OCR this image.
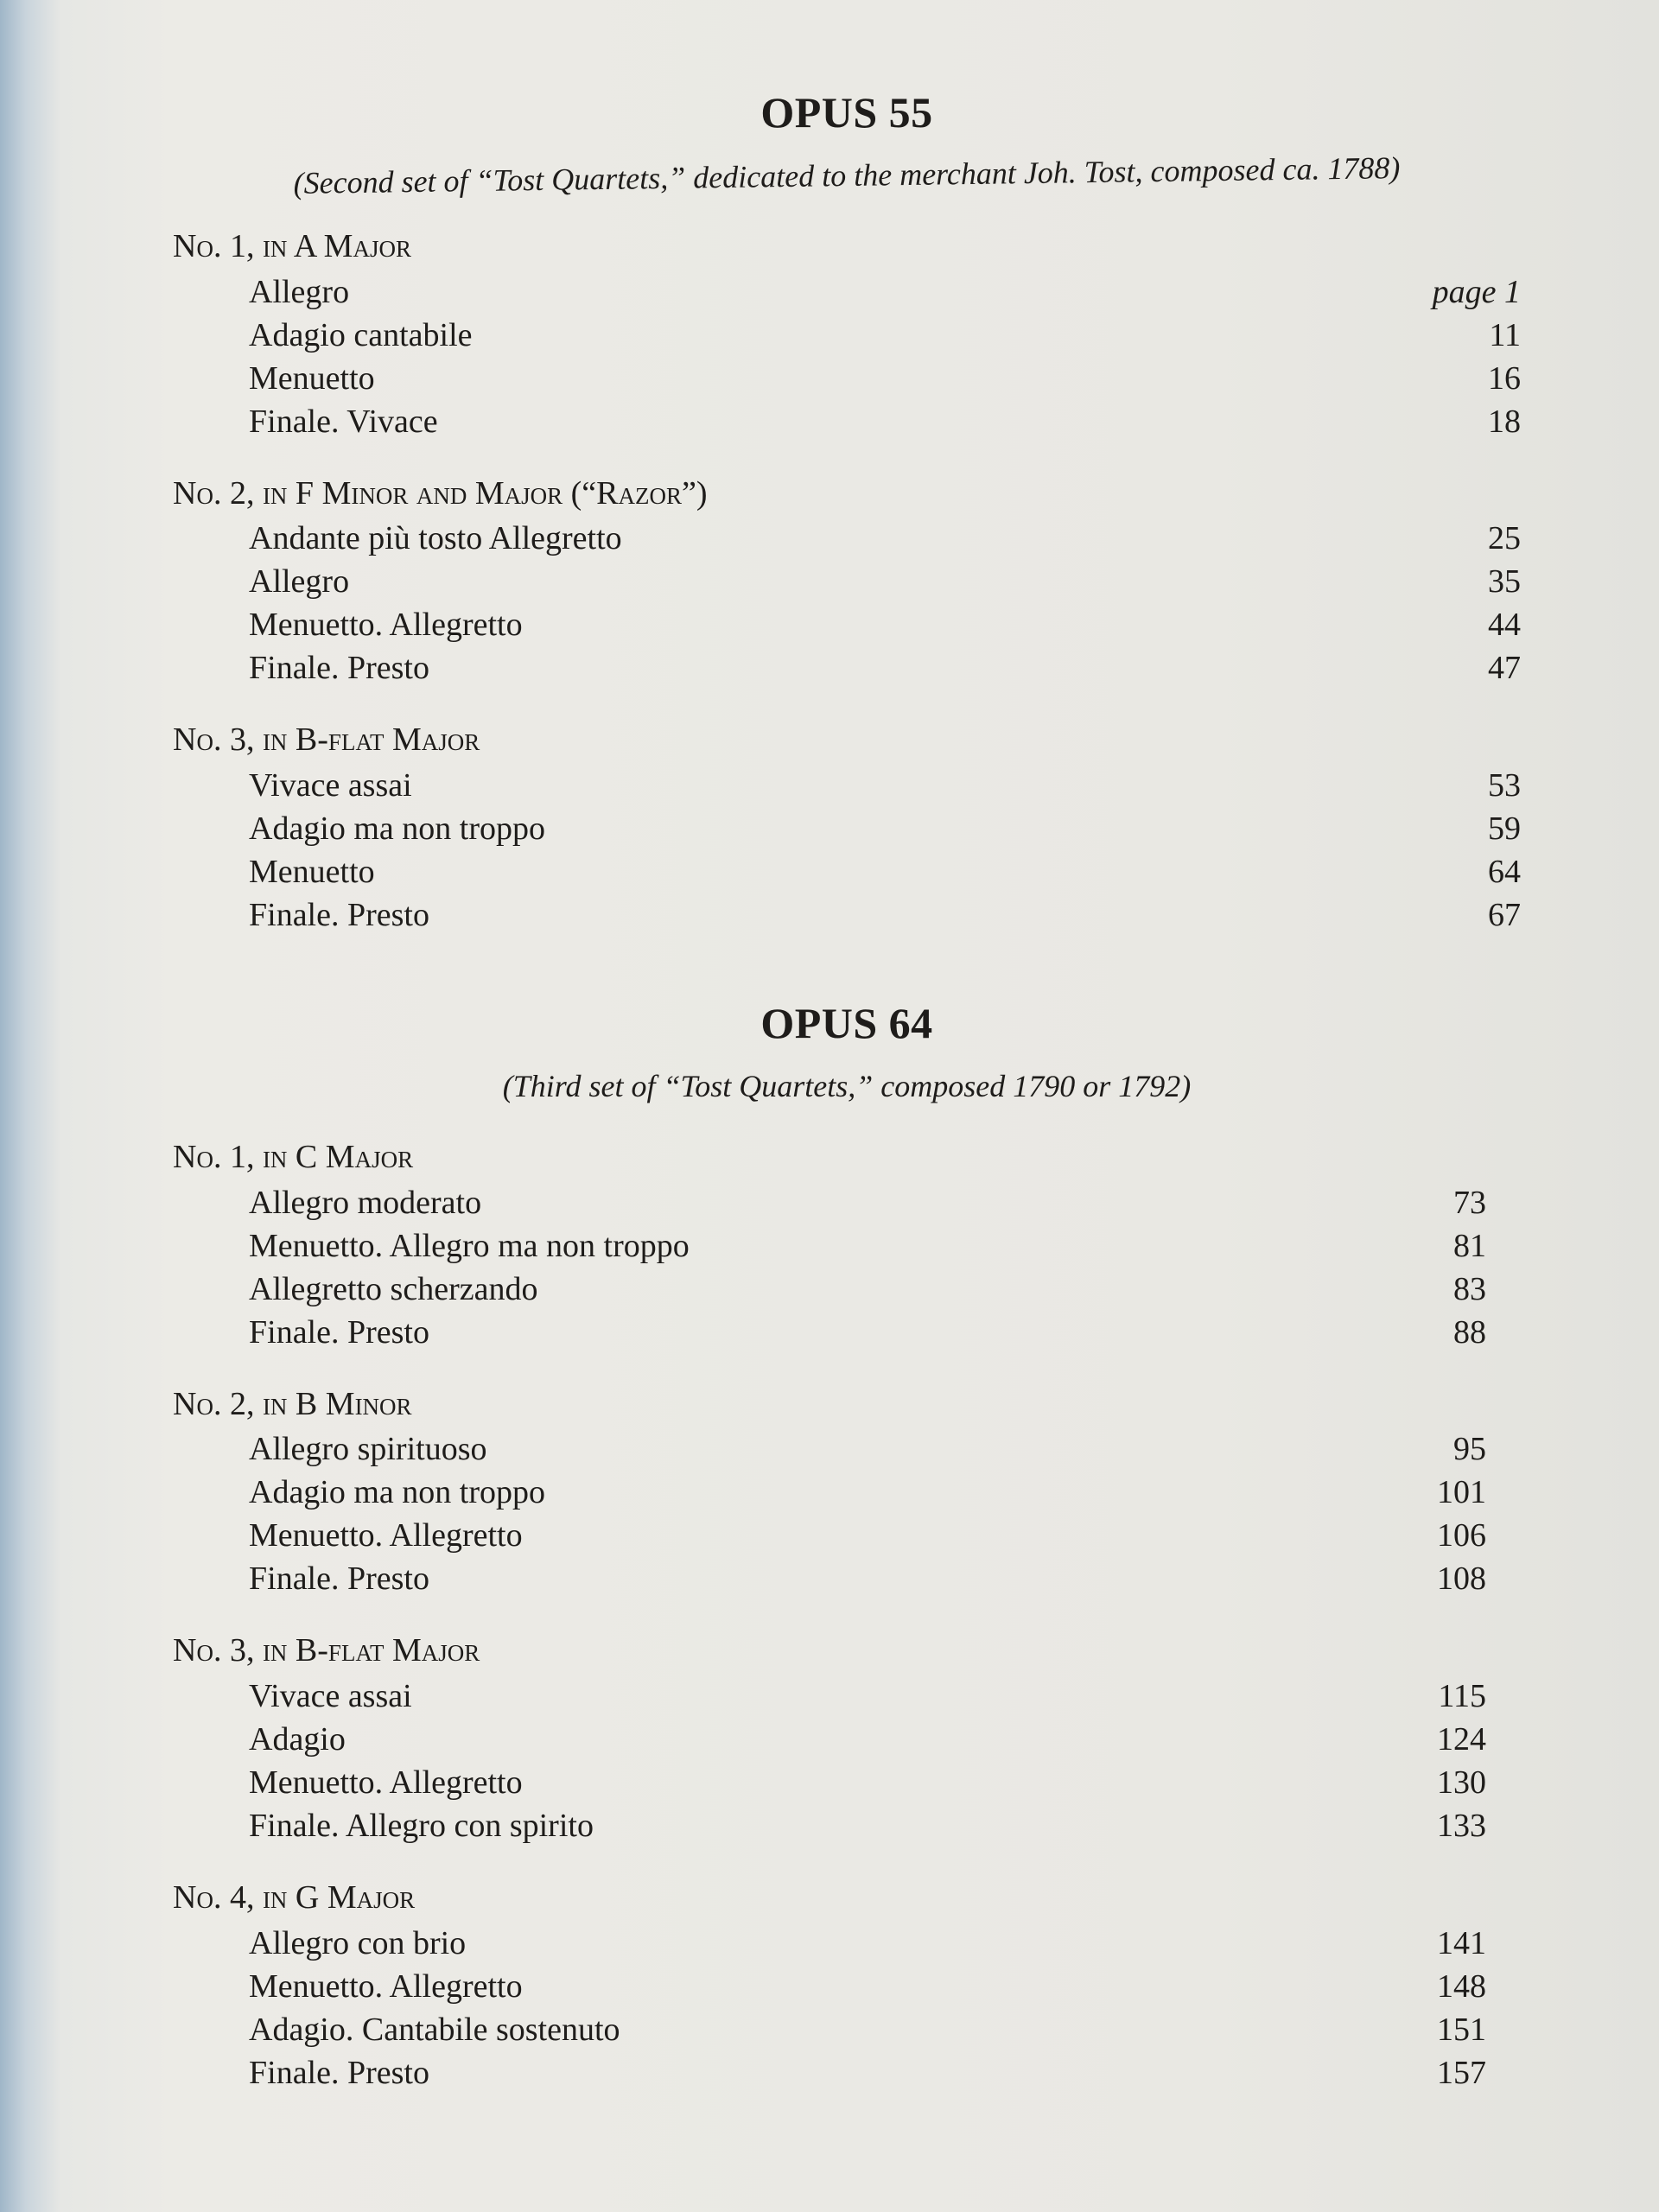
OPUS 55

(Second set of “Tost Quartets,” dedicated to the merchant Joh. Tost, composed ca. 1788)

No. 1, in A Major
Allegro	page 1
Adagio cantabile	11
Menuetto	16
Finale. Vivace	18
No. 2, in F Minor and Major (“Razor”)
Andante più tosto Allegretto	25
Allegro	35
Menuetto. Allegretto	44
Finale. Presto	47
No. 3, in B-flat Major
Vivace assai	53
Adagio ma non troppo	59
Menuetto	64
Finale. Presto	67
OPUS 64

(Third set of “Tost Quartets,” composed 1790 or 1792)

No. 1, in C Major
Allegro moderato	73
Menuetto. Allegro ma non troppo	81
Allegretto scherzando	83
Finale. Presto	88
No. 2, in B Minor
Allegro spirituoso	95
Adagio ma non troppo	101
Menuetto. Allegretto	106
Finale. Presto	108
No. 3, in B-flat Major
Vivace assai	115
Adagio	124
Menuetto. Allegretto	130
Finale. Allegro con spirito	133
No. 4, in G Major
Allegro con brio	141
Menuetto. Allegretto	148
Adagio. Cantabile sostenuto	151
Finale. Presto	157
